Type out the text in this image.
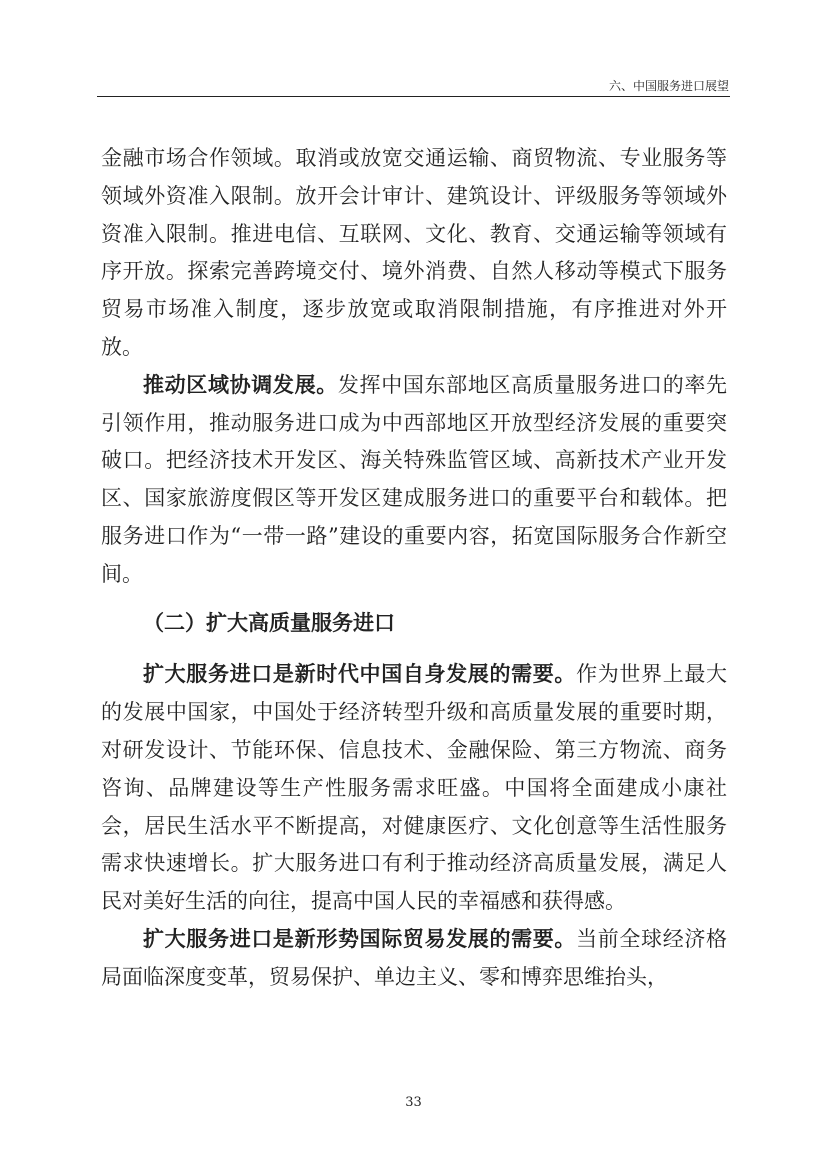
六、中国服务进口展望

金融市场合作领域。取消或放宽交通运输、商贸物流、专业服务等领域外资准入限制。放开会计审计、建筑设计、评级服务等领域外资准入限制。推进电信、互联网、文化、教育、交通运输等领域有序开放。探索完善跨境交付、境外消费、自然人移动等模式下服务贸易市场准入制度，逐步放宽或取消限制措施，有序推进对外开放。

推动区域协调发展。发挥中国东部地区高质量服务进口的率先引领作用，推动服务进口成为中西部地区开放型经济发展的重要突破口。把经济技术开发区、海关特殊监管区域、高新技术产业开发区、国家旅游度假区等开发区建成服务进口的重要平台和载体。把服务进口作为“一带一路”建设的重要内容，拓宽国际服务合作新空间。

（二）扩大高质量服务进口

扩大服务进口是新时代中国自身发展的需要。作为世界上最大的发展中国家，中国处于经济转型升级和高质量发展的重要时期，对研发设计、节能环保、信息技术、金融保险、第三方物流、商务咨询、品牌建设等生产性服务需求旺盛。中国将全面建成小康社会，居民生活水平不断提高，对健康医疗、文化创意等生活性服务需求快速增长。扩大服务进口有利于推动经济高质量发展，满足人民对美好生活的向往，提高中国人民的幸福感和获得感。

扩大服务进口是新形势国际贸易发展的需要。当前全球经济格局面临深度变革，贸易保护、单边主义、零和博弈思维抬头，

33
